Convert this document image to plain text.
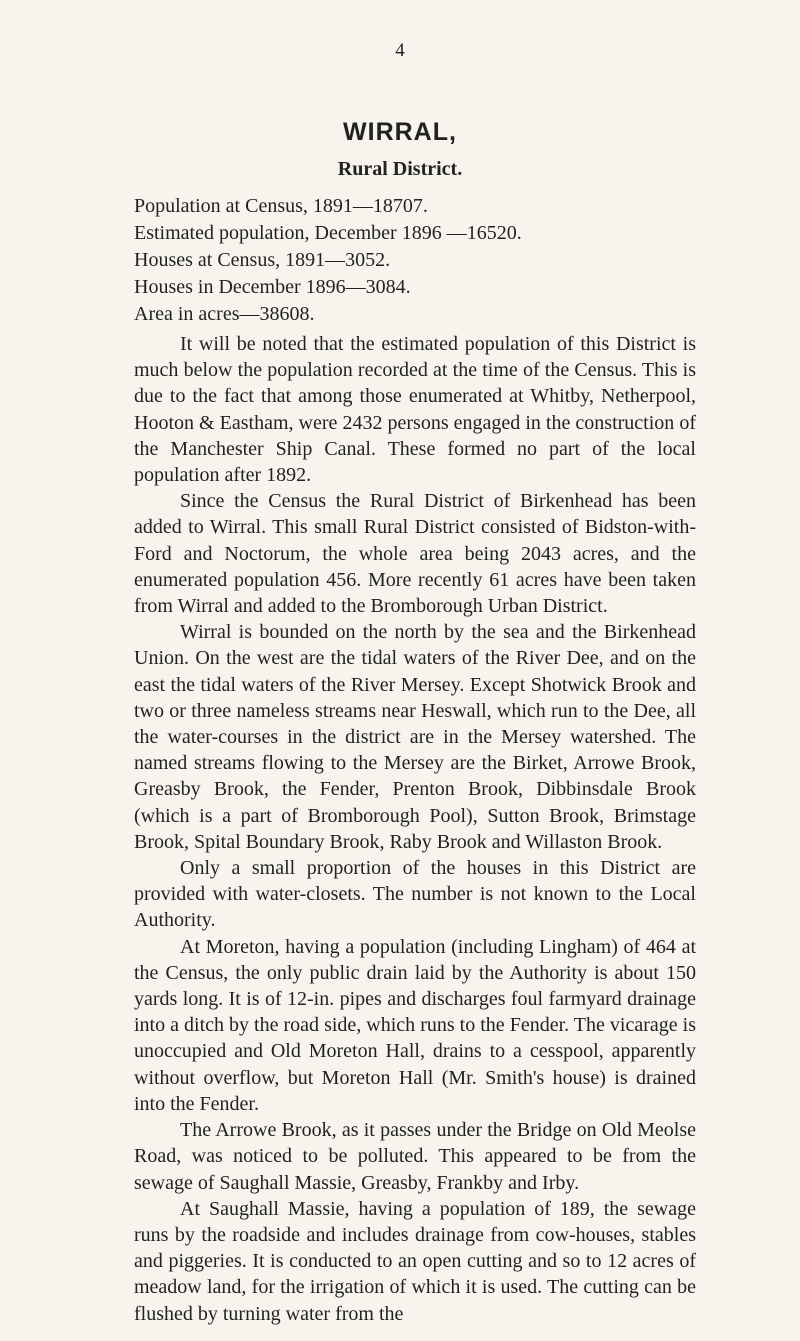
4
WIRRAL,
Rural District.
Population at Census, 1891—18707.
Estimated population, December 1896 —16520.
Houses at Census, 1891—3052.
Houses in December 1896—3084.
Area in acres—38608.

It will be noted that the estimated population of this District is much below the population recorded at the time of the Census. This is due to the fact that among those enumerated at Whitby, Netherpool, Hooton & Eastham, were 2432 persons engaged in the construction of the Manchester Ship Canal. These formed no part of the local population after 1892.

Since the Census the Rural District of Birkenhead has been added to Wirral. This small Rural District consisted of Bidston-with-Ford and Noctorum, the whole area being 2043 acres, and the enumerated population 456. More recently 61 acres have been taken from Wirral and added to the Bromborough Urban District.

Wirral is bounded on the north by the sea and the Birkenhead Union. On the west are the tidal waters of the River Dee, and on the east the tidal waters of the River Mersey. Except Shotwick Brook and two or three nameless streams near Heswall, which run to the Dee, all the water-courses in the district are in the Mersey watershed. The named streams flowing to the Mersey are the Birket, Arrowe Brook, Greasby Brook, the Fender, Prenton Brook, Dibbinsdale Brook (which is a part of Bromborough Pool), Sutton Brook, Brimstage Brook, Spital Boundary Brook, Raby Brook and Willaston Brook.

Only a small proportion of the houses in this District are provided with water-closets. The number is not known to the Local Authority.

At Moreton, having a population (including Lingham) of 464 at the Census, the only public drain laid by the Authority is about 150 yards long. It is of 12-in. pipes and discharges foul farmyard drainage into a ditch by the road side, which runs to the Fender. The vicarage is unoccupied and Old Moreton Hall, drains to a cesspool, apparently without overflow, but Moreton Hall (Mr. Smith's house) is drained into the Fender.

The Arrowe Brook, as it passes under the Bridge on Old Meolse Road, was noticed to be polluted. This appeared to be from the sewage of Saughall Massie, Greasby, Frankby and Irby.

At Saughall Massie, having a population of 189, the sewage runs by the roadside and includes drainage from cow-houses, stables and piggeries. It is conducted to an open cutting and so to 12 acres of meadow land, for the irrigation of which it is used. The cutting can be flushed by turning water from the
